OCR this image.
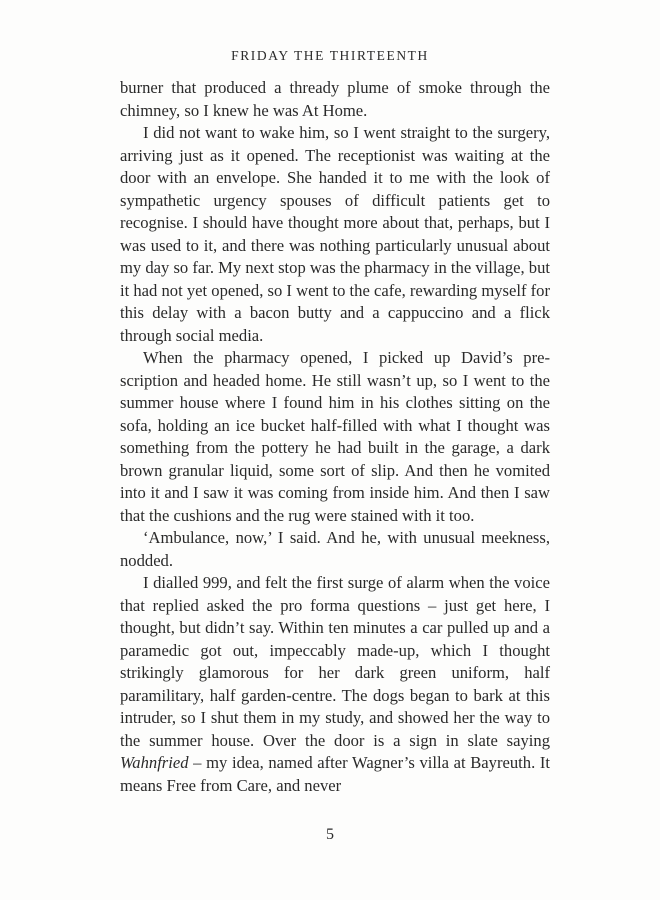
FRIDAY THE THIRTEENTH

burner that produced a thready plume of smoke through the chimney, so I knew he was At Home.

I did not want to wake him, so I went straight to the surgery, arriving just as it opened. The receptionist was waiting at the door with an envelope. She handed it to me with the look of sympathetic urgency spouses of difficult patients get to recognise. I should have thought more about that, perhaps, but I was used to it, and there was nothing particularly unusual about my day so far. My next stop was the pharmacy in the village, but it had not yet opened, so I went to the cafe, rewarding myself for this delay with a bacon butty and a cappuccino and a flick through social media.

When the pharmacy opened, I picked up David’s prescription and headed home. He still wasn’t up, so I went to the summer house where I found him in his clothes sitting on the sofa, holding an ice bucket half-filled with what I thought was something from the pottery he had built in the garage, a dark brown granular liquid, some sort of slip. And then he vomited into it and I saw it was coming from inside him. And then I saw that the cushions and the rug were stained with it too.

‘Ambulance, now,’ I said. And he, with unusual meekness, nodded.

I dialled 999, and felt the first surge of alarm when the voice that replied asked the pro forma questions – just get here, I thought, but didn’t say. Within ten minutes a car pulled up and a paramedic got out, impeccably made-up, which I thought strikingly glamorous for her dark green uniform, half paramilitary, half garden-centre. The dogs began to bark at this intruder, so I shut them in my study, and showed her the way to the summer house. Over the door is a sign in slate saying Wahnfried – my idea, named after Wagner’s villa at Bayreuth. It means Free from Care, and never

5
